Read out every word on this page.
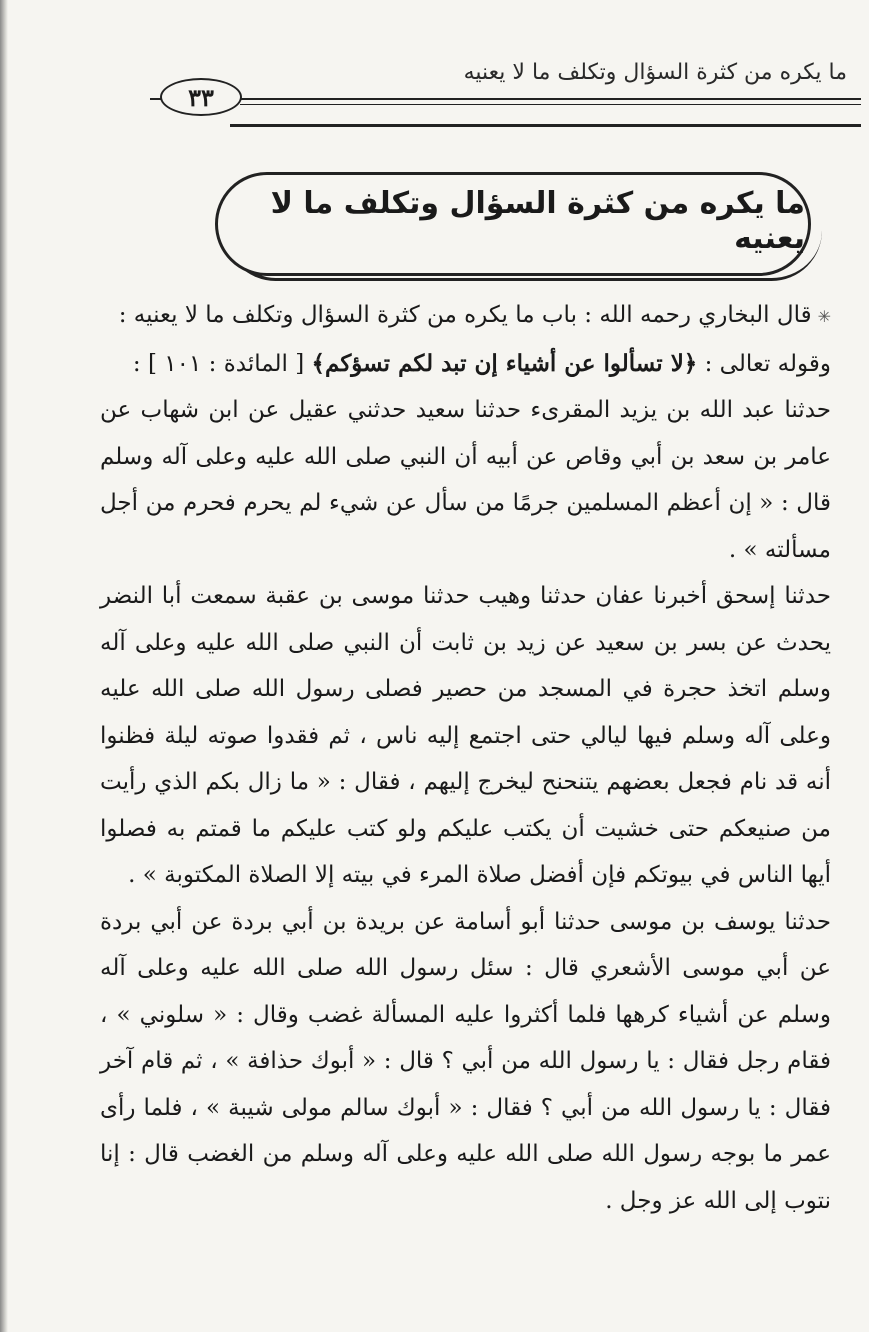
ما يكره من كثرة السؤال وتكلف ما لا يعنيه
٣٣
ما يكره من كثرة السؤال وتكلف ما لا يعنيه

✳قال البخاري رحمه الله : باب ما يكره من كثرة السؤال وتكلف ما لا يعنيه :

وقوله تعالى : ﴿لا تسألوا عن أشياء إن تبد لكم تسؤكم﴾ [ المائدة : ١٠١ ] :

حدثنا عبد الله بن يزيد المقرىء حدثنا سعيد حدثني عقيل عن ابن شهاب عن عامر بن سعد بن أبي وقاص عن أبيه أن النبي صلى الله عليه وعلى آله وسلم قال : « إن أعظم المسلمين جرمًا من سأل عن شيء لم يحرم فحرم من أجل مسألته » .

حدثنا إسحق أخبرنا عفان حدثنا وهيب حدثنا موسى بن عقبة سمعت أبا النضر يحدث عن بسر بن سعيد عن زيد بن ثابت أن النبي صلى الله عليه وعلى آله وسلم اتخذ حجرة في المسجد من حصير فصلى رسول الله صلى الله عليه وعلى آله وسلم فيها ليالي حتى اجتمع إليه ناس ، ثم فقدوا صوته ليلة فظنوا أنه قد نام فجعل بعضهم يتنحنح ليخرج إليهم ، فقال : « ما زال بكم الذي رأيت من صنيعكم حتى خشيت أن يكتب عليكم ولو كتب عليكم ما قمتم به فصلوا أيها الناس في بيوتكم فإن أفضل صلاة المرء في بيته إلا الصلاة المكتوبة » .

حدثنا يوسف بن موسى حدثنا أبو أسامة عن بريدة بن أبي بردة عن أبي بردة عن أبي موسى الأشعري قال : سئل رسول الله صلى الله عليه وعلى آله وسلم عن أشياء كرهها فلما أكثروا عليه المسألة غضب وقال : « سلوني » ، فقام رجل فقال : يا رسول الله من أبي ؟ قال : « أبوك حذافة » ، ثم قام آخر فقال : يا رسول الله من أبي ؟ فقال : « أبوك سالم مولى شيبة » ، فلما رأى عمر ما بوجه رسول الله صلى الله عليه وعلى آله وسلم من الغضب قال : إنا نتوب إلى الله عز وجل .
